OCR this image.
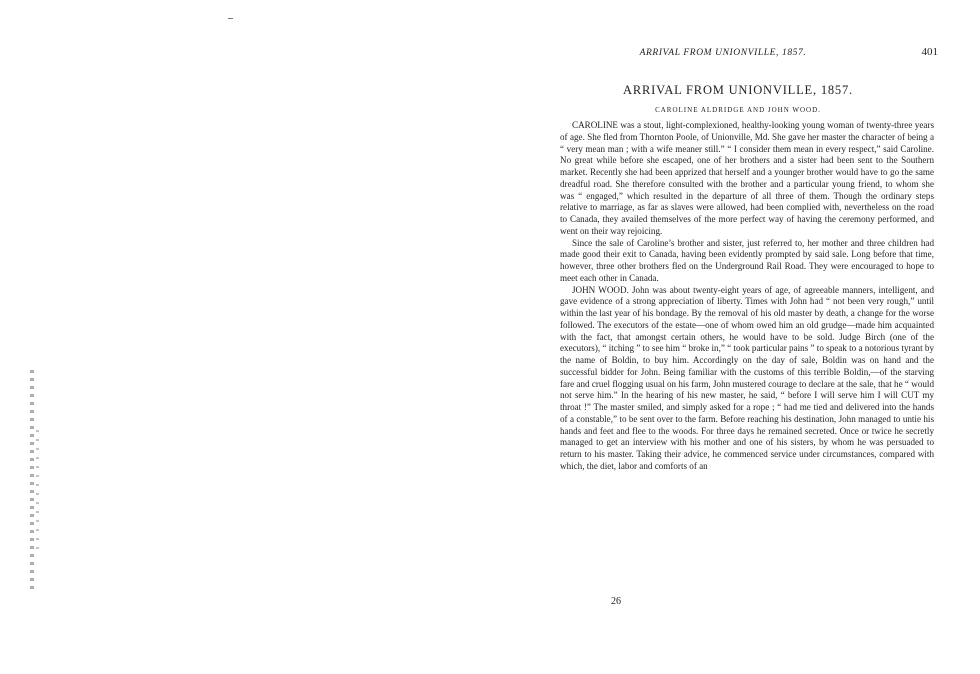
ARRIVAL FROM UNIONVILLE, 1857.	401
ARRIVAL FROM UNIONVILLE, 1857.
CAROLINE ALDRIDGE AND JOHN WOOD.

CAROLINE was a stout, light-complexioned, healthy-looking young woman of twenty-three years of age. She fled from Thornton Poole, of Unionville, Md. She gave her master the character of being a “ very mean man ; with a wife meaner still.” “ I consider them mean in every respect,” said Caroline. No great while before she escaped, one of her brothers and a sister had been sent to the Southern market. Recently she had been apprized that herself and a younger brother would have to go the same dreadful road. She therefore consulted with the brother and a particular young friend, to whom she was “ engaged,” which resulted in the departure of all three of them. Though the ordinary steps relative to marriage, as far as slaves were allowed, had been complied with, nevertheless on the road to Canada, they availed themselves of the more perfect way of having the ceremony performed, and went on their way rejoicing.

Since the sale of Caroline’s brother and sister, just referred to, her mother and three children had made good their exit to Canada, having been evidently prompted by said sale. Long before that time, however, three other brothers fled on the Underground Rail Road. They were encouraged to hope to meet each other in Canada.

JOHN WOOD. John was about twenty-eight years of age, of agreeable manners, intelligent, and gave evidence of a strong appreciation of liberty. Times with John had “ not been very rough,” until within the last year of his bondage. By the removal of his old master by death, a change for the worse followed. The executors of the estate—one of whom owed him an old grudge—made him acquainted with the fact, that amongst certain others, he would have to be sold. Judge Birch (one of the executors), “ itching ” to see him “ broke in,” “ took particular pains ” to speak to a notorious tyrant by the name of Boldin, to buy him. Accordingly on the day of sale, Boldin was on hand and the successful bidder for John. Being familiar with the customs of this terrible Boldin,—of the starving fare and cruel flogging usual on his farm, John mustered courage to declare at the sale, that he “ would not serve him.” In the hearing of his new master, he said, “ before I will serve him I will CUT my throat !” The master smiled, and simply asked for a rope ; “ had me tied and delivered into the hands of a constable,” to be sent over to the farm. Before reaching his destination, John managed to untie his hands and feet and flee to the woods. For three days he remained secreted. Once or twice he secretly managed to get an interview with his mother and one of his sisters, by whom he was persuaded to return to his master. Taking their advice, he commenced service under circumstances, compared with which, the diet, labor and comforts of an

26
